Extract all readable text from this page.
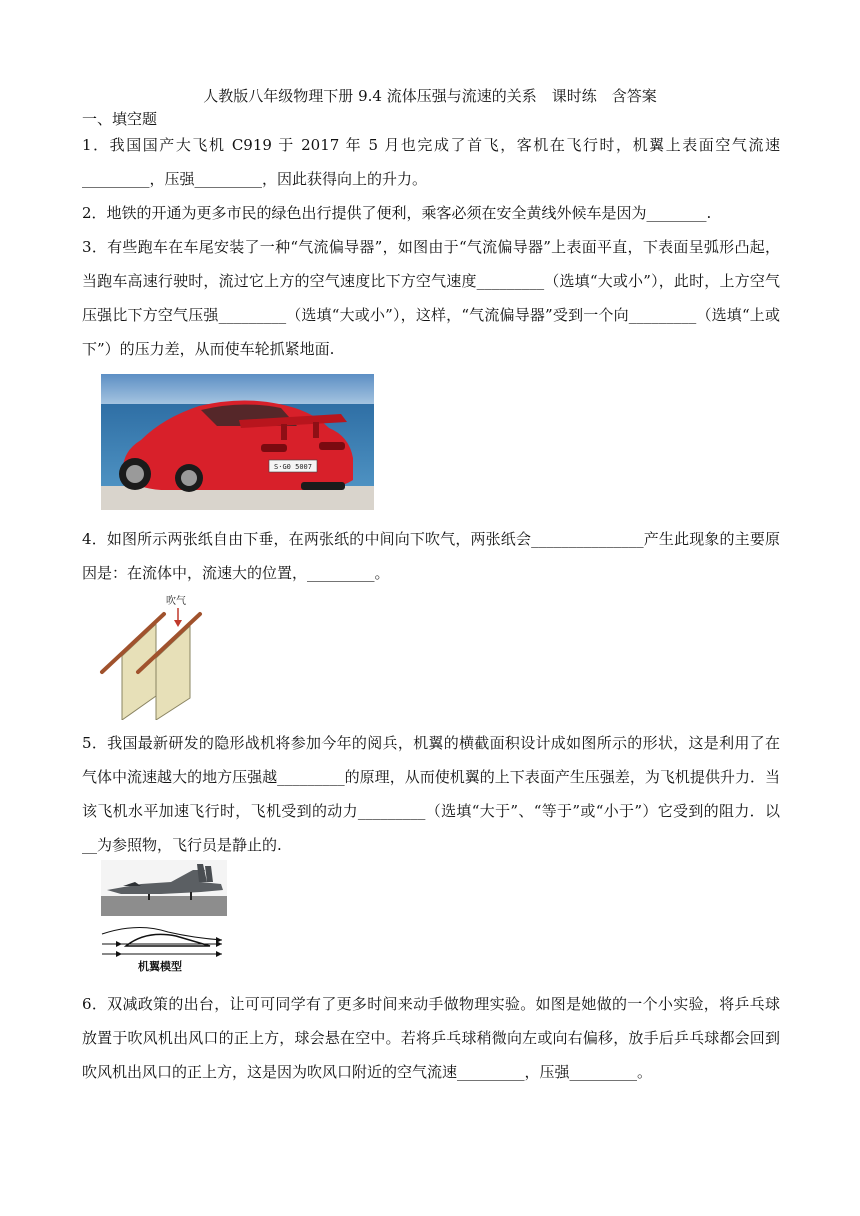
人教版八年级物理下册 9.4 流体压强与流速的关系　课时练　含答案
一、填空题
1．我国国产大飞机 C919 于 2017 年 5 月也完成了首飞，客机在飞行时，机翼上表面空气流速_________，压强_________，因此获得向上的升力。
2．地铁的开通为更多市民的绿色出行提供了便利，乘客必须在安全黄线外候车是因为________.
3．有些跑车在车尾安装了一种“气流偏导器”，如图由于“气流偏导器”上表面平直，下表面呈弧形凸起，当跑车高速行驶时，流过它上方的空气速度比下方空气速度_________（选填“大或小”），此时，上方空气压强比下方空气压强_________（选填“大或小”），这样，“气流偏导器”受到一个向_________（选填“上或下”）的压力差，从而使车轮抓紧地面.
S·G0 5007
4．如图所示两张纸自由下垂，在两张纸的中间向下吹气，两张纸会_______________产生此现象的主要原因是：在流体中，流速大的位置，_________。
吹气
5．我国最新研发的隐形战机将参加今年的阅兵，机翼的横截面积设计成如图所示的形状，这是利用了在气体中流速越大的地方压强越_________的原理，从而使机翼的上下表面产生压强差，为飞机提供升力．当该飞机水平加速飞行时，飞机受到的动力_________（选填“大于”、“等于”或“小于”）它受到的阻力．以__为参照物，飞行员是静止的.
机翼模型
6．双减政策的出台，让可可同学有了更多时间来动手做物理实验。如图是她做的一个小实验，将乒乓球放置于吹风机出风口的正上方，球会悬在空中。若将乒乓球稍微向左或向右偏移，放手后乒乓球都会回到吹风机出风口的正上方，这是因为吹风口附近的空气流速_________，压强_________。
